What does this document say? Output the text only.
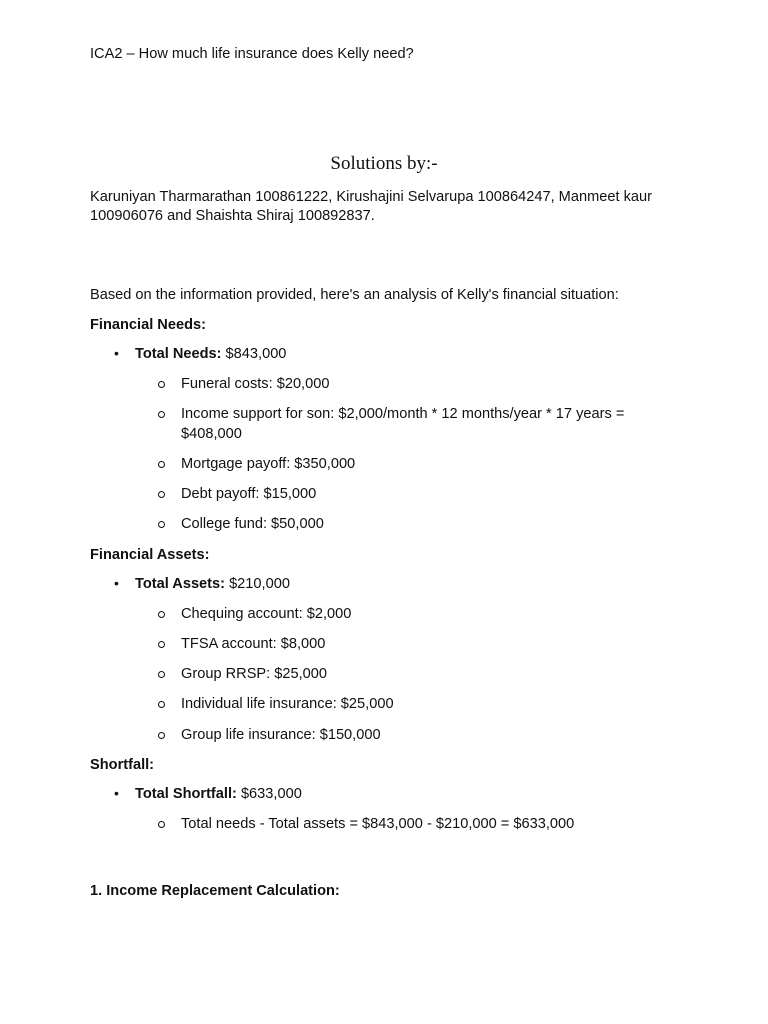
ICA2 – How much life insurance does Kelly need?
Solutions by:-
Karuniyan Tharmarathan 100861222, Kirushajini Selvarupa 100864247, Manmeet kaur
100906076 and Shaishta Shiraj 100892837.
Based on the information provided, here's an analysis of Kelly's financial situation:
Financial Needs:
• Total Needs: $843,000
Funeral costs: $20,000
Income support for son: $2,000/month * 12 months/year * 17 years =
$408,000
Mortgage payoff: $350,000
Debt payoff: $15,000
College fund: $50,000
Financial Assets:
• Total Assets: $210,000
Chequing account: $2,000
TFSA account: $8,000
Group RRSP: $25,000
Individual life insurance: $25,000
Group life insurance: $150,000
Shortfall:
• Total Shortfall: $633,000
Total needs - Total assets = $843,000 - $210,000 = $633,000
1. Income Replacement Calculation:
